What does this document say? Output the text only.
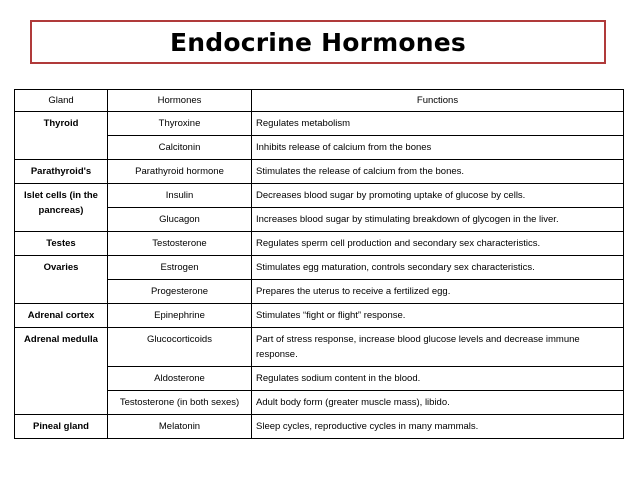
Endocrine Hormones
Gland	Hormones	Functions
Thyroid	Thyroxine	Regulates metabolism
	Calcitonin	Inhibits release of calcium from the bones
Parathyroid's	Parathyroid hormone	Stimulates the release of calcium from the bones.
Islet cells (in the pancreas)	Insulin	Decreases blood sugar by promoting uptake of glucose by cells.
	Glucagon	Increases blood sugar by stimulating breakdown of glycogen in the liver.
Testes	Testosterone	Regulates sperm cell production and secondary sex characteristics.
Ovaries	Estrogen	Stimulates egg maturation, controls secondary sex characteristics.
	Progesterone	Prepares the uterus to receive a fertilized egg.
Adrenal cortex	Epinephrine	Stimulates “fight or flight” response.
Adrenal medulla	Glucocorticoids	Part of stress response, increase blood glucose levels and decrease immune response.
	Aldosterone	Regulates sodium content in the blood.
	Testosterone (in both sexes)	Adult body form (greater muscle mass), libido.
Pineal gland	Melatonin	Sleep cycles, reproductive cycles in many mammals.
